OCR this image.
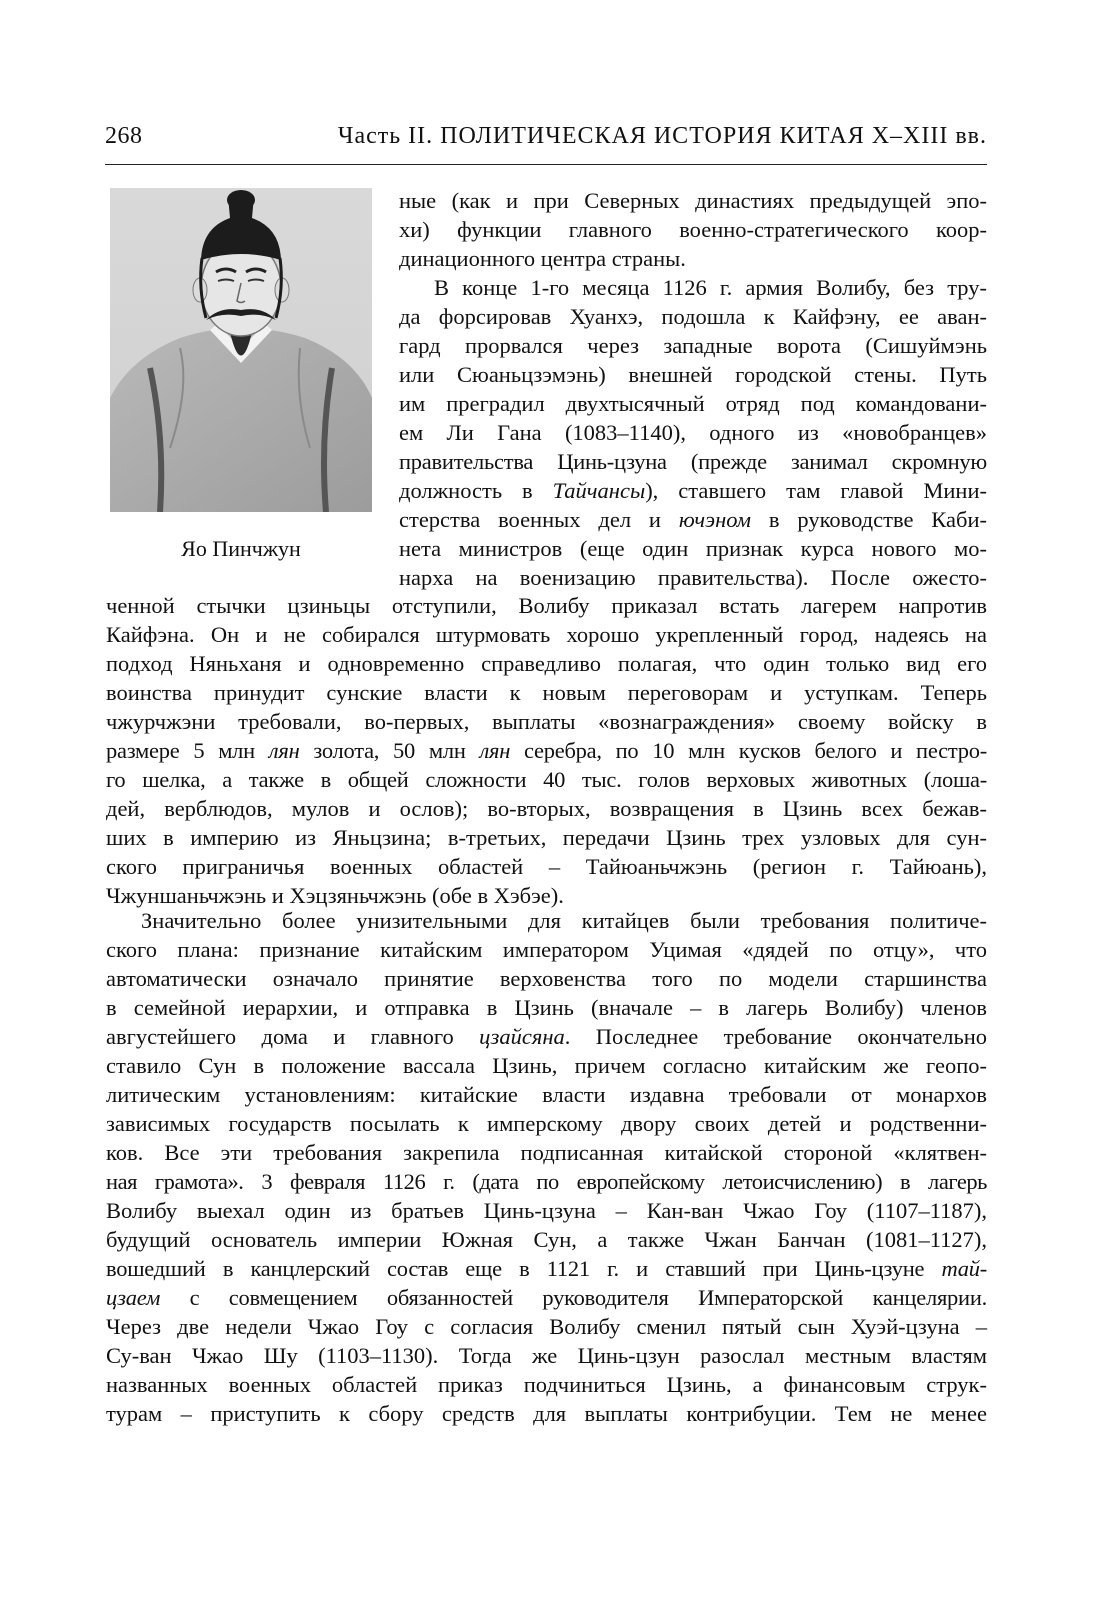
268	Часть II. ПОЛИТИЧЕСКАЯ ИСТОРИЯ КИТАЯ X–XIII вв.
Яо Пинчжун
ные (как и при Северных династиях предыдущей эпо-
хи) функции главного военно-стратегического коор-
динационного центра страны.
В конце 1-го месяца 1126 г. армия Волибу, без тру-
да форсировав Хуанхэ, подошла к Кайфэну, ее аван-
гард прорвался через западные ворота (Сишуймэнь
или Сюаньцзэмэнь) внешней городской стены. Путь
им преградил двухтысячный отряд под командовани-
ем Ли Гана (1083–1140), одного из «новобранцев»
правительства Цинь-цзуна (прежде занимал скромную
должность в Тайчансы), ставшего там главой Мини-
стерства военных дел и ючэном в руководстве Каби-
нета министров (еще один признак курса нового мо-
нарха на военизацию правительства). После ожесто-
ченной стычки цзиньцы отступили, Волибу приказал встать лагерем напротив
Кайфэна. Он и не собирался штурмовать хорошо укрепленный город, надеясь на
подход Няньханя и одновременно справедливо полагая, что один только вид его
воинства принудит сунские власти к новым переговорам и уступкам. Теперь
чжурчжэни требовали, во-первых, выплаты «вознаграждения» своему войску в
размере 5 млн лян золота, 50 млн лян серебра, по 10 млн кусков белого и пестро-
го шелка, а также в общей сложности 40 тыс. голов верховых животных (лоша-
дей, верблюдов, мулов и ослов); во-вторых, возвращения в Цзинь всех бежав-
ших в империю из Яньцзина; в-третьих, передачи Цзинь трех узловых для сун-
ского приграничья военных областей – Тайюаньчжэнь (регион г. Тайюань),
Чжуншаньчжэнь и Хэцзяньчжэнь (обе в Хэбэе).
Значительно более унизительными для китайцев были требования политиче-
ского плана: признание китайским императором Уцимая «дядей по отцу», что
автоматически означало принятие верховенства того по модели старшинства
в семейной иерархии, и отправка в Цзинь (вначале – в лагерь Волибу) членов
августейшего дома и главного цзайсяна. Последнее требование окончательно
ставило Сун в положение вассала Цзинь, причем согласно китайским же геопо-
литическим установлениям: китайские власти издавна требовали от монархов
зависимых государств посылать к имперскому двору своих детей и родственни-
ков. Все эти требования закрепила подписанная китайской стороной «клятвен-
ная грамота». 3 февраля 1126 г. (дата по европейскому летоисчислению) в лагерь
Волибу выехал один из братьев Цинь-цзуна – Кан-ван Чжао Гоу (1107–1187),
будущий основатель империи Южная Сун, а также Чжан Банчан (1081–1127),
вошедший в канцлерский состав еще в 1121 г. и ставший при Цинь-цзуне тай-
цзаем с совмещением обязанностей руководителя Императорской канцелярии.
Через две недели Чжао Гоу с согласия Волибу сменил пятый сын Хуэй-цзуна –
Су-ван Чжао Шу (1103–1130). Тогда же Цинь-цзун разослал местным властям
названных военных областей приказ подчиниться Цзинь, а финансовым струк-
турам – приступить к сбору средств для выплаты контрибуции. Тем не менее
